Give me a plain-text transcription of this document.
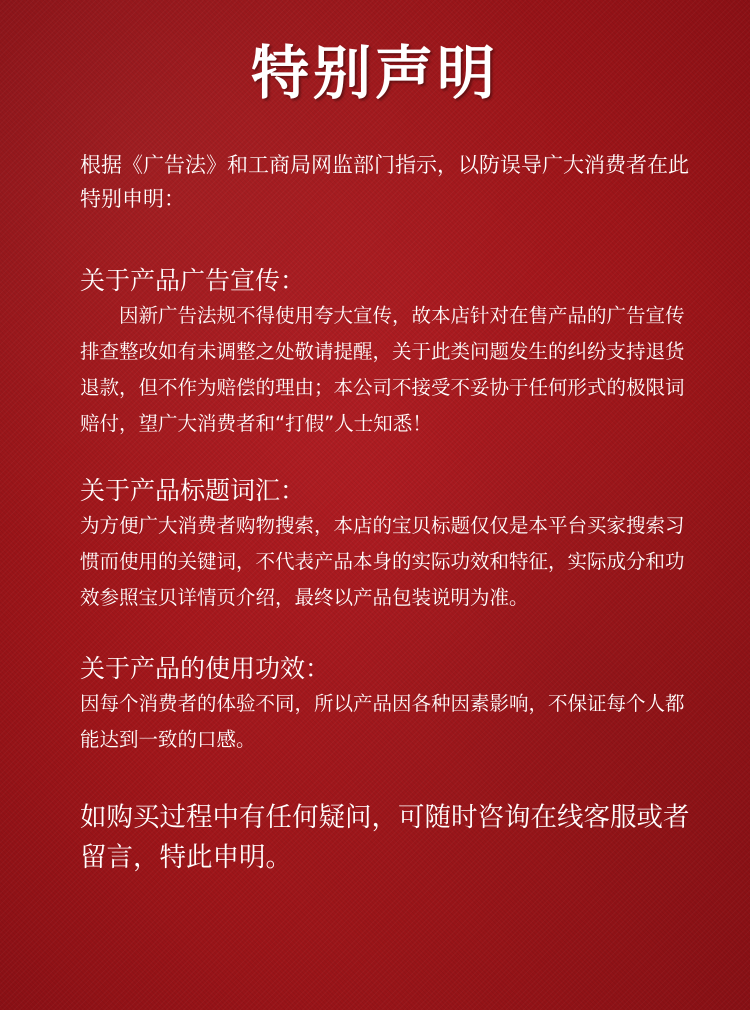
特别声明

根据《广告法》和工商局网监部门指示，以防误导广大消费者在此特别申明：

关于产品广告宣传：

因新广告法规不得使用夸大宣传，故本店针对在售产品的广告宣传排查整改如有未调整之处敬请提醒，关于此类问题发生的纠纷支持退货退款，但不作为赔偿的理由；本公司不接受不妥协于任何形式的极限词赔付，望广大消费者和“打假”人士知悉！

关于产品标题词汇：

为方便广大消费者购物搜索，本店的宝贝标题仅仅是本平台买家搜索习惯而使用的关键词，不代表产品本身的实际功效和特征，实际成分和功效参照宝贝详情页介绍，最终以产品包装说明为准。

关于产品的使用功效：

因每个消费者的体验不同，所以产品因各种因素影响，不保证每个人都能达到一致的口感。

如购买过程中有任何疑问，可随时咨询在线客服或者留言，特此申明。
